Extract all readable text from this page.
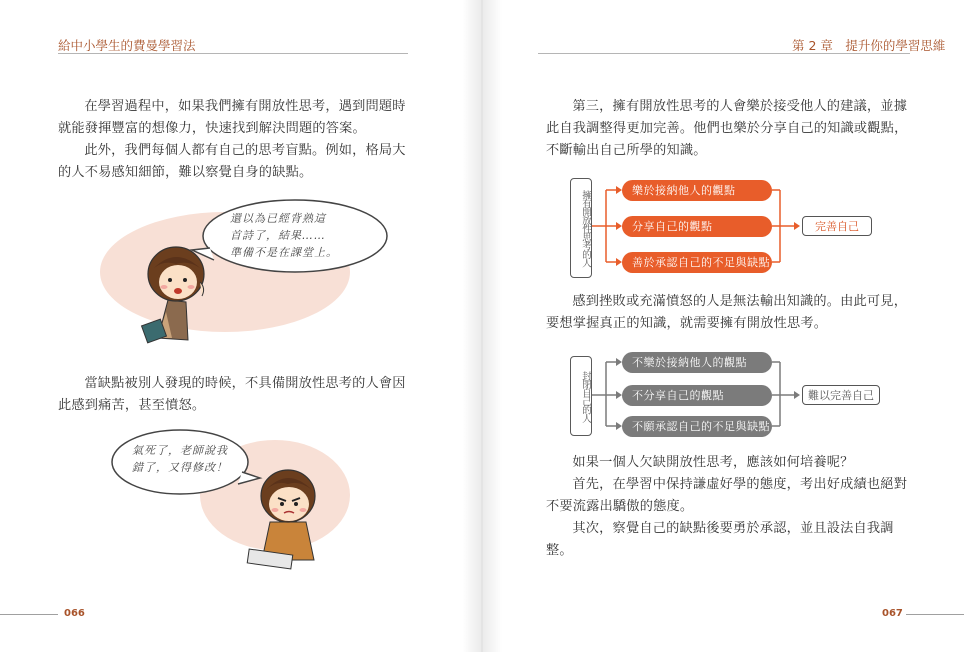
給中小學生的費曼學習法

在學習過程中，如果我們擁有開放性思考，遇到問題時就能發揮豐富的想像力，快速找到解決問題的答案。

此外，我們每個人都有自己的思考盲點。例如，格局大的人不易感知細節，難以察覺自身的缺點。

還以為已經背熟這
首詩了，結果……
準備不是在課堂上。

當缺點被別人發現的時候，不具備開放性思考的人會因此感到痛苦，甚至憤怒。

氣死了，老師說我
錯了，又得修改！
066
第 2 章　提升你的學習思維

第三，擁有開放性思考的人會樂於接受他人的建議，並據此自我調整得更加完善。他們也樂於分享自己的知識或觀點，不斷輸出自己所學的知識。

擁有開放性思考的人	樂於接納他人的觀點
分享自己的觀點
善於承認自己的不足與缺點
完善自己

感到挫敗或充滿憤怒的人是無法輸出知識的。由此可見，要想掌握真正的知識，就需要擁有開放性思考。

封閉自己的人
不樂於接納他人的觀點
不分享自己的觀點
不願承認自己的不足與缺點
難以完善自己

如果一個人欠缺開放性思考，應該如何培養呢？

首先，在學習中保持謙虛好學的態度，考出好成績也絕對不要流露出驕傲的態度。

其次，察覺自己的缺點後要勇於承認，並且設法自我調整。

067
